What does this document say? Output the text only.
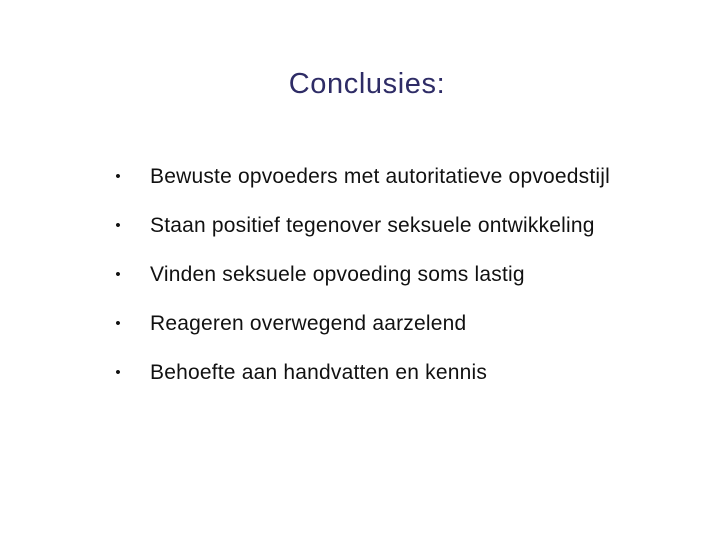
Conclusies:
• Bewuste opvoeders met autoritatieve opvoedstijl
• Staan positief tegenover seksuele ontwikkeling
• Vinden seksuele opvoeding soms lastig
• Reageren overwegend aarzelend
• Behoefte aan handvatten en kennis
